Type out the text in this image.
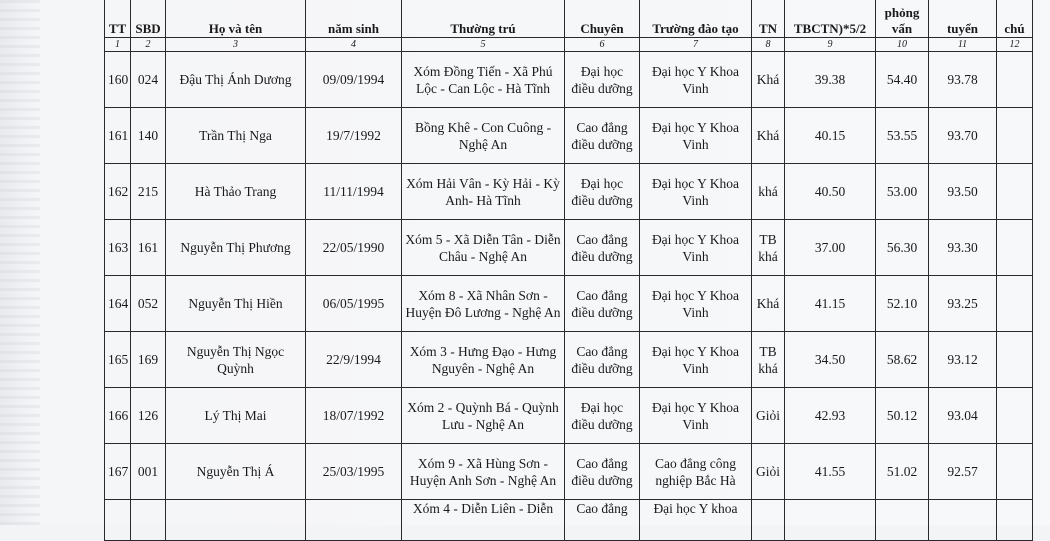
TT	SBD	Họ và tên	năm sinh	Thường trú	Chuyên	Trường đào tạo	TN	TBCTN)*5/2	phỏng vấn	tuyển	chú
1	2	3	4	5	6	7	8	9	10	11	12
160	024	Đậu Thị Ánh Dương	09/09/1994	Xóm Đồng Tiến - Xã Phú Lộc - Can Lộc - Hà Tĩnh	Đại học điều dưỡng	Đại học Y Khoa Vinh	Khá	39.38	54.40	93.78	
161	140	Trần Thị Nga	19/7/1992	Bồng Khê - Con Cuông - Nghệ An	Cao đẳng điều dưỡng	Đại học Y Khoa Vinh	Khá	40.15	53.55	93.70	
162	215	Hà Thảo Trang	11/11/1994	Xóm Hải Vân - Kỳ Hải - Kỳ Anh- Hà Tĩnh	Đại học điều dưỡng	Đại học Y Khoa Vinh	khá	40.50	53.00	93.50	
163	161	Nguyễn Thị Phương	22/05/1990	Xóm 5 - Xã Diễn Tân - Diễn Châu - Nghệ An	Cao đẳng điều dưỡng	Đại học Y Khoa Vinh	TB khá	37.00	56.30	93.30	
164	052	Nguyễn Thị Hiền	06/05/1995	Xóm 8 - Xã Nhân Sơn - Huyện Đô Lương - Nghệ An	Cao đẳng điều dưỡng	Đại học Y Khoa Vinh	Khá	41.15	52.10	93.25	
165	169	Nguyễn Thị Ngọc Quỳnh	22/9/1994	Xóm 3 - Hưng Đạo - Hưng Nguyên - Nghệ An	Cao đẳng điều dưỡng	Đại học Y Khoa Vinh	TB khá	34.50	58.62	93.12	
166	126	Lý Thị Mai	18/07/1992	Xóm 2 - Quỳnh Bá - Quỳnh Lưu - Nghệ An	Đại học điều dưỡng	Đại học Y Khoa Vinh	Giỏi	42.93	50.12	93.04	
167	001	Nguyễn Thị Á	25/03/1995	Xóm 9 - Xã Hùng Sơn - Huyện Anh Sơn - Nghệ An	Cao đẳng điều dưỡng	Cao đẳng công nghiệp Bắc Hà	Giỏi	41.55	51.02	92.57	
				Xóm 4 - Diễn Liên - Diễn	Cao đẳng	Đại học Y khoa					
